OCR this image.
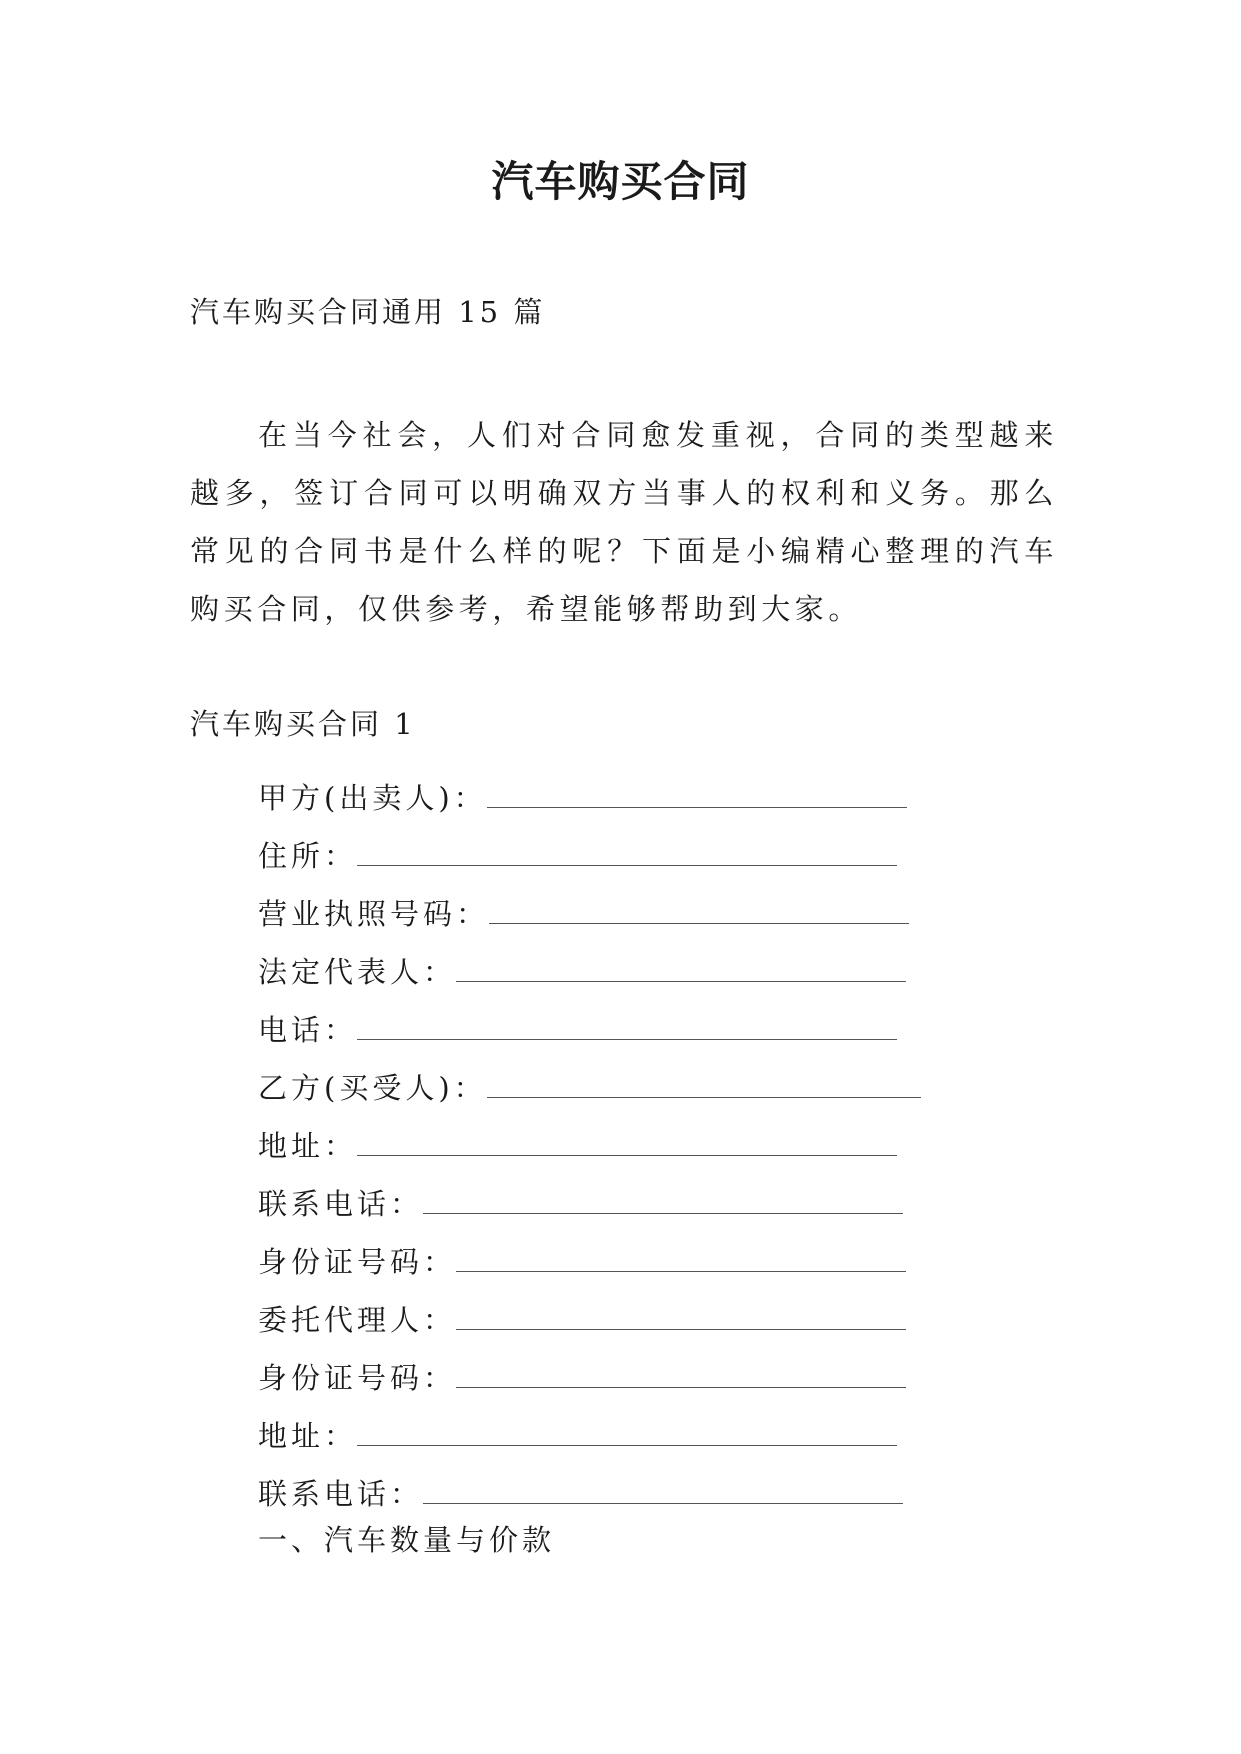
汽车购买合同
汽车购买合同通用 15 篇

在当今社会，人们对合同愈发重视，合同的类型越来越多，签订合同可以明确双方当事人的权利和义务。那么常见的合同书是什么样的呢？下面是小编精心整理的汽车购买合同，仅供参考，希望能够帮助到大家。

汽车购买合同 1
甲方(出卖人)：
住所：
营业执照号码：
法定代表人：
电话：
乙方(买受人)：
地址：
联系电话：
身份证号码：
委托代理人：
身份证号码：
地址：
联系电话：
一、汽车数量与价款
